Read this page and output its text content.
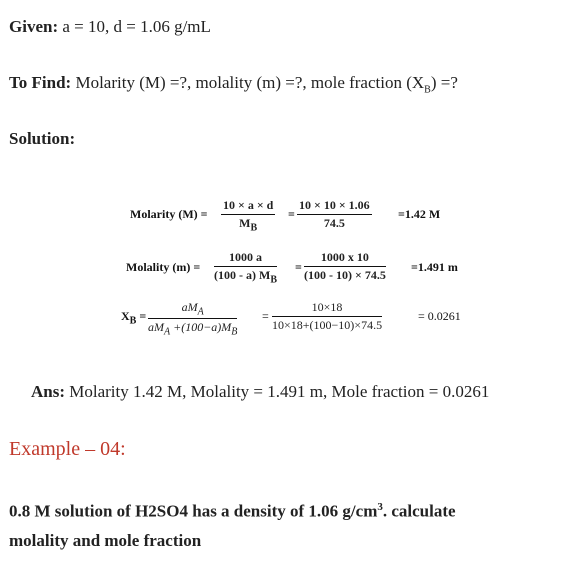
Given: a = 10, d = 1.06 g/mL
To Find: Molarity (M) =?, molality (m) =?, mole fraction $(X_B)$ =?
Solution:
Molarity $(M) = \frac{10 \times a \times d}{M_B} = \frac{10 \times 10 \times 1.06}{74.5} =1.42$ M
Molality $(m) = \frac{1000 a}{(100 - a) M_B} = \frac{1000 x 10}{(100 - 10) \times 74.5} =1.491$ m
$X_B$ =
$aM_A$
$aM_A +(100-a)M_B$
= $\frac{10\times 18}{10\times 18+(100-10)\times 74.5}$	= 0.0261
Ans: Molarity 1.42 M, Molality = 1.491 m, Mole fraction = 0.0261
Example – 04:
0.8 M solution of H2SO4 has a density of 1.06 $g/cm^3$. calculate
molality and mole fraction
